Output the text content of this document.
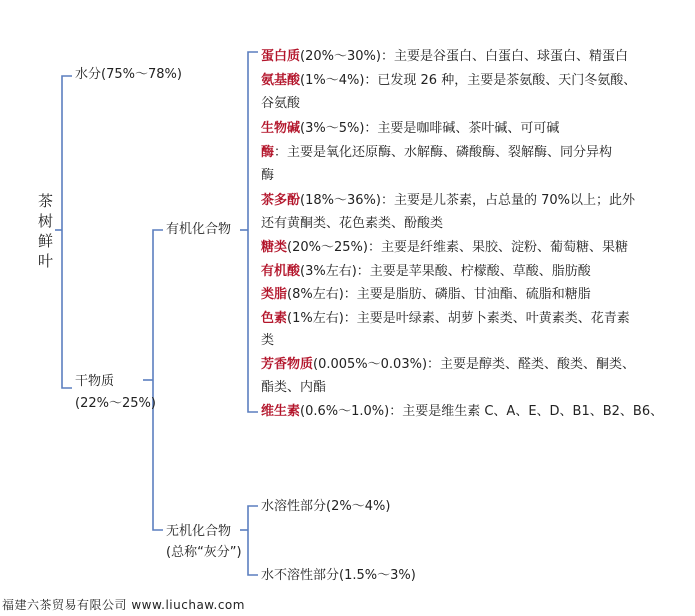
茶
树
鲜
叶
水分(75%～78%)
干物质
(22%～25%)
有机化合物
无机化合物
(总称“灰分”)
蛋白质(20%～30%)：主要是谷蛋白、白蛋白、球蛋白、精蛋白
氨基酸(1%～4%)：已发现 26 种，主要是茶氨酸、天门冬氨酸、
谷氨酸
生物碱(3%～5%)：主要是咖啡碱、茶叶碱、可可碱
酶：主要是氧化还原酶、水解酶、磷酸酶、裂解酶、同分异构
酶
茶多酚(18%～36%)：主要是儿茶素，占总量的 70%以上；此外
还有黄酮类、花色素类、酚酸类
糖类(20%～25%)：主要是纤维素、果胶、淀粉、葡萄糖、果糖
有机酸(3%左右)：主要是苹果酸、柠檬酸、草酸、脂肪酸
类脂(8%左右)：主要是脂肪、磷脂、甘油酯、硫脂和糖脂
色素(1%左右)：主要是叶绿素、胡萝卜素类、叶黄素类、花青素
类
芳香物质(0.005%～0.03%)：主要是醇类、醛类、酸类、酮类、
酯类、内酯
维生素(0.6%～1.0%)：主要是维生素 C、A、E、D、B1、B2、B6、
水溶性部分(2%～4%)
水不溶性部分(1.5%～3%)
福建六茶贸易有限公司 www.liuchaw.com
